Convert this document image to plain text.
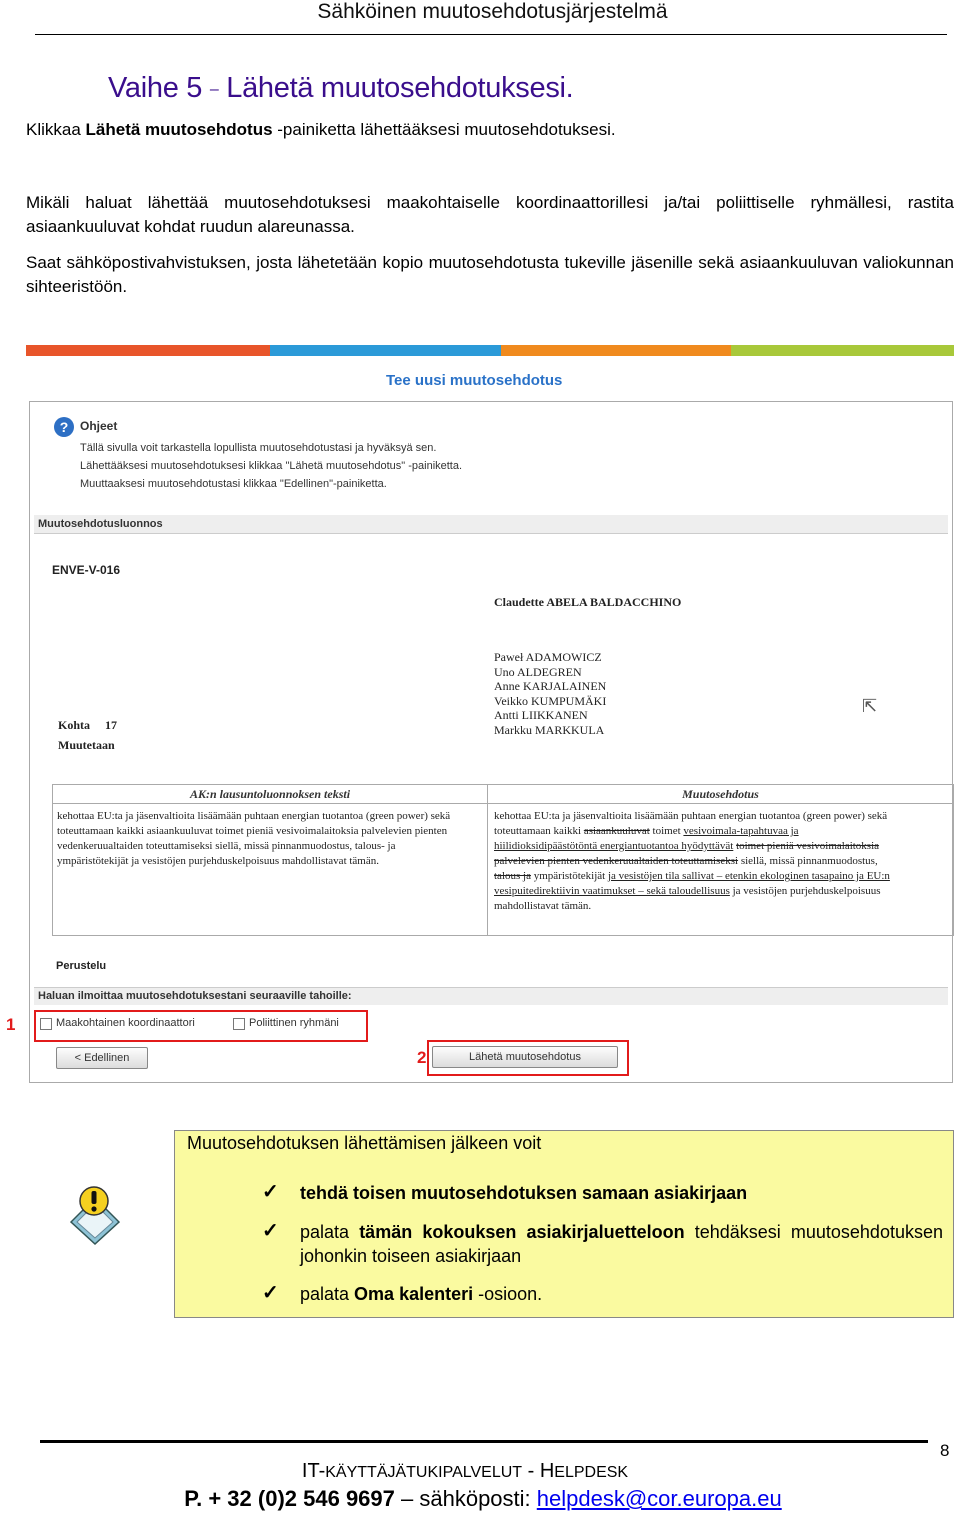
Sähköinen muutosehdotusjärjestelmä
Vaihe 5 – Lähetä muutosehdotuksesi.
Klikkaa Lähetä muutosehdotus -painiketta lähettääksesi muutosehdotuksesi.
Mikäli haluat lähettää muutosehdotuksesi maakohtaiselle koordinaattorillesi ja/tai poliittiselle ryhmällesi, rastita asiaankuuluvat kohdat ruudun alareunassa.
Saat sähköpostivahvistuksen, josta lähetetään kopio muutosehdotusta tukeville jäsenille sekä asiaankuuluvan valiokunnan sihteeristöön.
Tee uusi muutosehdotus
? Ohjeet
Tällä sivulla voit tarkastella lopullista muutosehdotustasi ja hyväksyä sen.
Lähettääksesi muutosehdotuksesi klikkaa "Lähetä muutosehdotus" -painiketta.
Muuttaaksesi muutosehdotustasi klikkaa "Edellinen"-painiketta.
Muutosehdotusluonnos
ENVE-V-016
Claudette ABELA BALDACCHINO
Paweł ADAMOWICZ
Uno ALDEGREN
Anne KARJALAINEN
Veikko KUMPUMÄKI
Antti LIIKKANEN
Markku MARKKULA
⇱
Kohta     17
Muutetaan
AK:n lausuntoluonnoksen teksti	Muutosehdotus
kehottaa EU:ta ja jäsenvaltioita lisäämään puhtaan energian tuotantoa (green power) sekä toteuttamaan kaikki asiaankuuluvat toimet pieniä vesivoimalaitoksia palvelevien pienten vedenkeruualtaiden toteuttamiseksi siellä, missä pinnanmuodostus, talous- ja ympäristötekijät ja vesistöjen purjehduskelpoisuus mahdollistavat tämän.
kehottaa EU:ta ja jäsenvaltioita lisäämään puhtaan energian tuotantoa (green power) sekä toteuttamaan kaikki asiaankuuluvat toimet vesivoimala-tapahtuvaa ja hiilidioksidipäästötöntä energiantuotantoa hyödyttävät toimet pieniä vesivoimalaitoksia palvelevien pienten vedenkeruualtaiden toteuttamiseksi siellä, missä pinnanmuodostus, talous ja ympäristötekijät ja vesistöjen tila sallivat – etenkin ekologinen tasapaino ja EU:n vesipuitedirektiivin vaatimukset – sekä taloudellisuus ja vesistöjen purjehduskelpoisuus mahdollistavat tämän.
Perustelu
Haluan ilmoittaa muutosehdotuksestani seuraaville tahoille:
Maakohtainen koordinaattori	Poliittinen ryhmäni
< Edellinen	Lähetä muutosehdotus
1
2
Muutosehdotuksen lähettämisen jälkeen voit
✓ tehdä toisen muutosehdotuksen samaan asiakirjaan
✓ palata tämän kokouksen asiakirjaluetteloon tehdäksesi muutosehdotuksen johonkin toiseen asiakirjaan
✓ palata Oma kalenteri -osioon.
8
IT-KÄYTTÄJÄTUKIPALVELUT - HELPDESK
P. + 32 (0)2 546 9697 – sähköposti: helpdesk@cor.europa.eu
